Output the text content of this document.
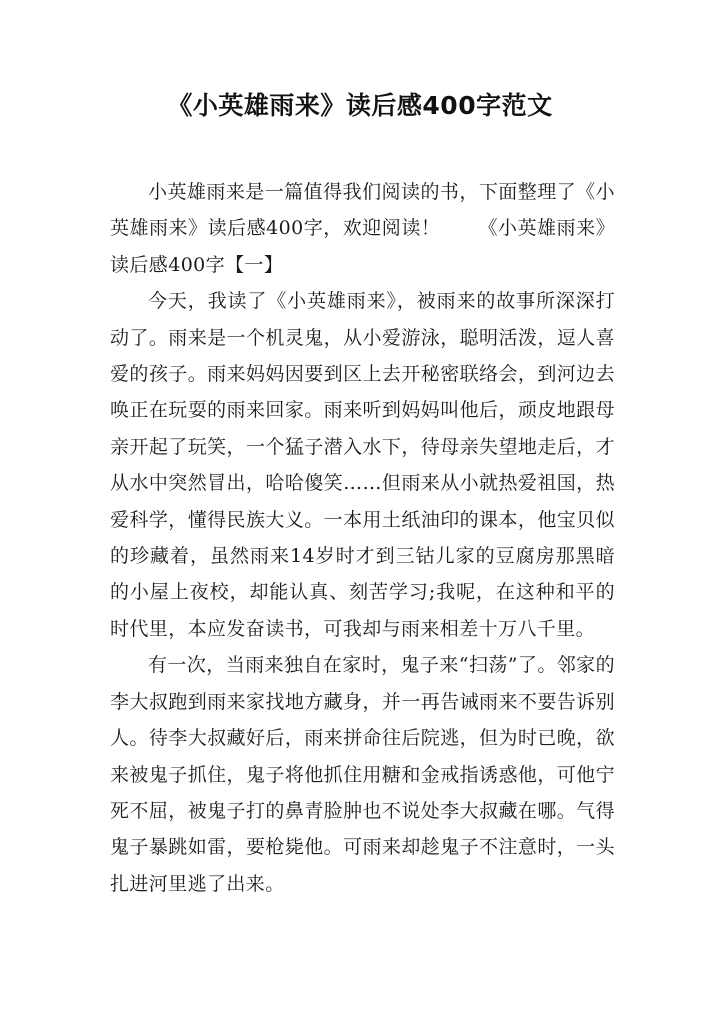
《小英雄雨来》读后感400字范文

小英雄雨来是一篇值得我们阅读的书，下面整理了《小英雄雨来》读后感400字，欢迎阅读！ 《小英雄雨来》读后感400字【一】

今天，我读了《小英雄雨来》，被雨来的故事所深深打动了。雨来是一个机灵鬼，从小爱游泳，聪明活泼，逗人喜爱的孩子。雨来妈妈因要到区上去开秘密联络会，到河边去唤正在玩耍的雨来回家。雨来听到妈妈叫他后，顽皮地跟母亲开起了玩笑，一个猛子潜入水下，待母亲失望地走后，才从水中突然冒出，哈哈傻笑……但雨来从小就热爱祖国，热爱科学，懂得民族大义。一本用土纸油印的课本，他宝贝似的珍藏着，虽然雨来14岁时才到三钴儿家的豆腐房那黑暗的小屋上夜校，却能认真、刻苦学习;我呢，在这种和平的时代里，本应发奋读书，可我却与雨来相差十万八千里。

有一次，当雨来独自在家时，鬼子来“扫荡”了。邻家的李大叔跑到雨来家找地方藏身，并一再告诫雨来不要告诉别人。待李大叔藏好后，雨来拼命往后院逃，但为时已晚，欲来被鬼子抓住，鬼子将他抓住用糖和金戒指诱惑他，可他宁死不屈，被鬼子打的鼻青脸肿也不说处李大叔藏在哪。气得鬼子暴跳如雷，要枪毙他。可雨来却趁鬼子不注意时，一头扎进河里逃了出来。
